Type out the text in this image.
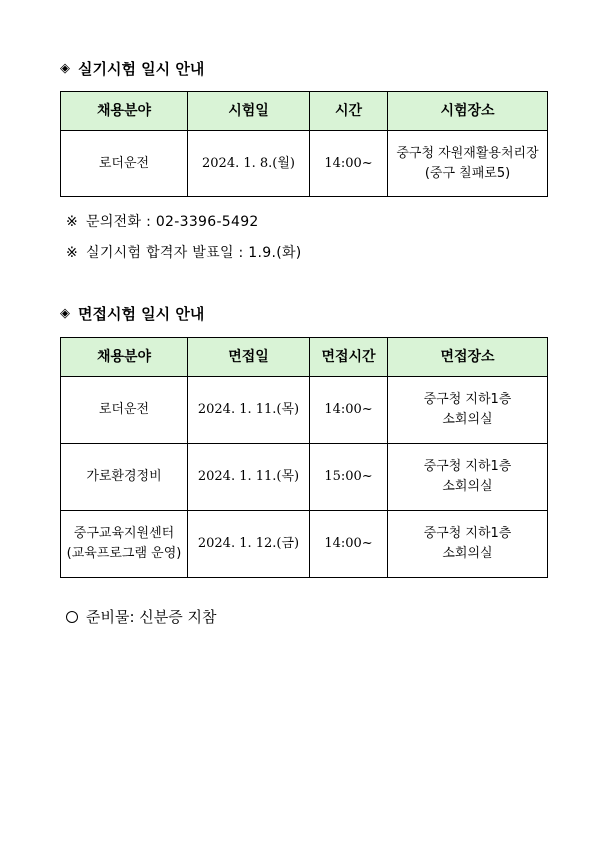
◈ 실기시험 일시 안내
채용분야	시험일	시간	시험장소
로더운전	2024. 1. 8.(월)	14:00~	중구청 자원재활용처리장
(중구 칠패로5)
※ 문의전화 : 02-3396-5492
※ 실기시험 합격자 발표일 : 1.9.(화)
◈ 면접시험 일시 안내
채용분야	면접일	면접시간	면접장소

로더운전	2024. 1. 11.(목)	14:00~	중구청 지하1층
소회의실

가로환경정비	2024. 1. 11.(목)	15:00~	중구청 지하1층
소회의실

중구교육지원센터
(교육프로그램 운영)	2024. 1. 12.(금)	14:00~	중구청 지하1층
소회의실
준비물: 신분증 지참
